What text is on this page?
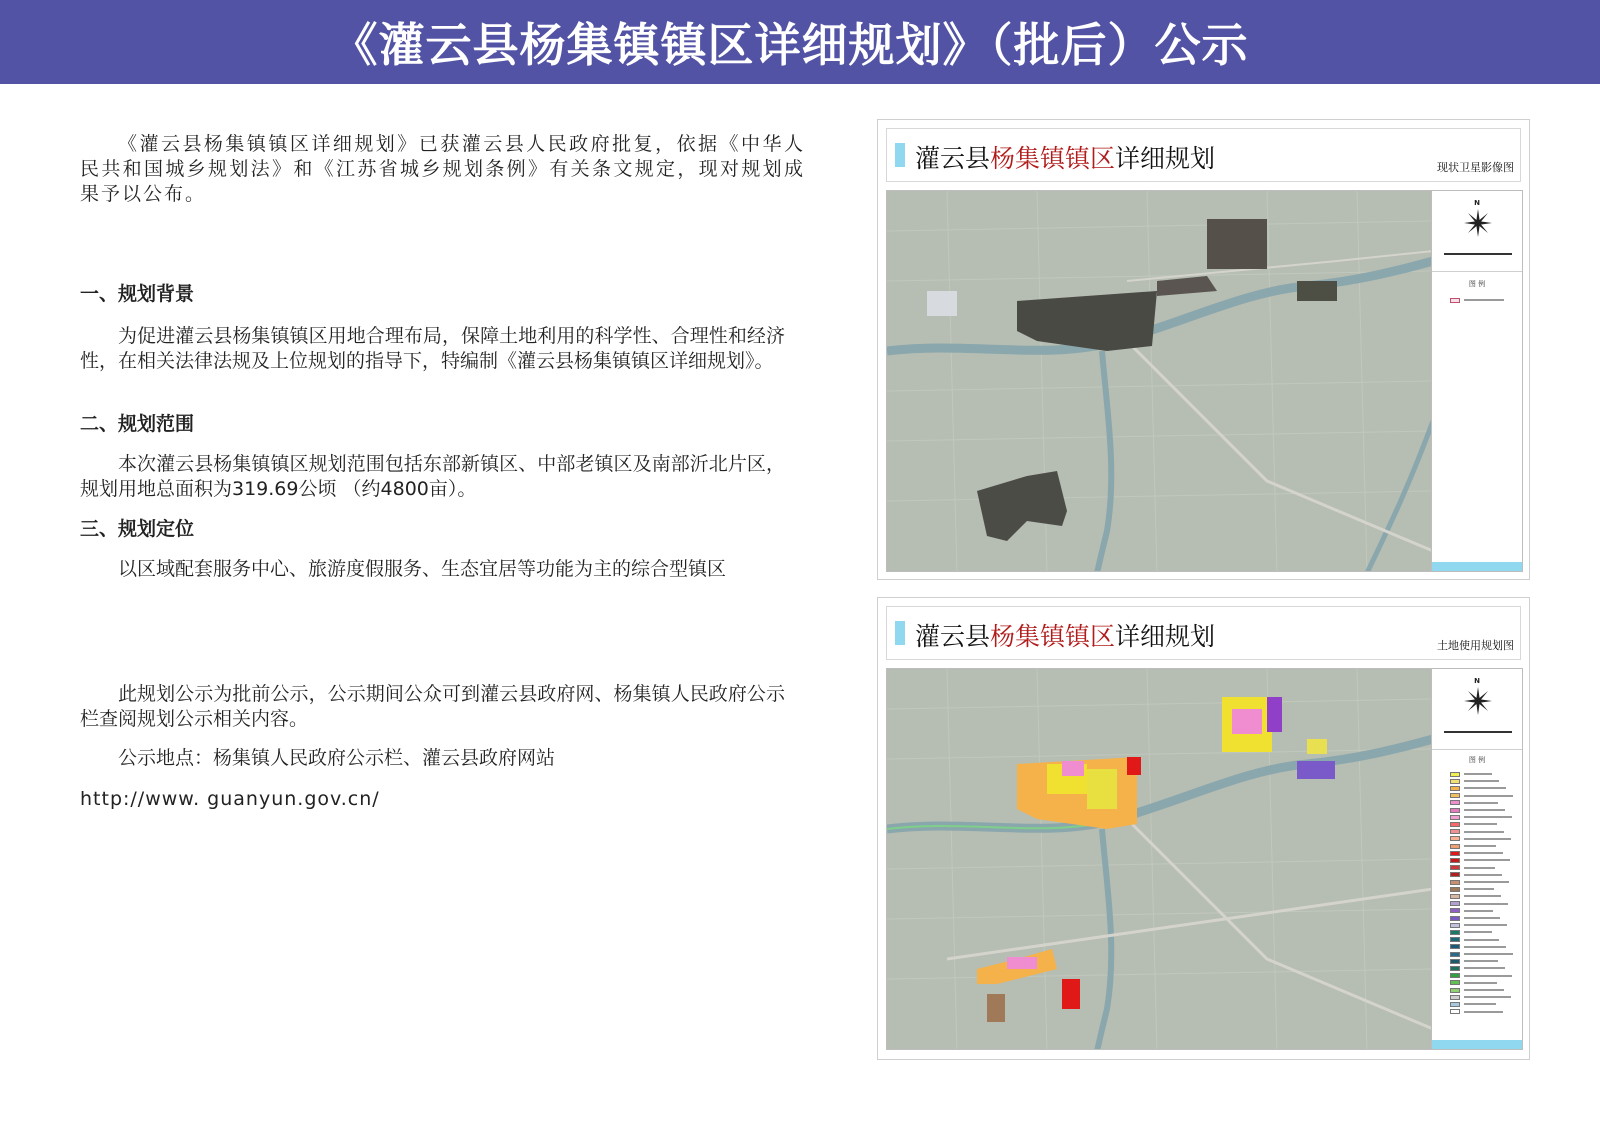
《灌云县杨集镇镇区详细规划》（批后）公示

《灌云县杨集镇镇区详细规划》已获灌云县人民政府批复，依据《中华人民共和国城乡规划法》和《江苏省城乡规划条例》有关条文规定，现对规划成果予以公布。

一、规划背景

为促进灌云县杨集镇镇区用地合理布局，保障土地利用的科学性、合理性和经济性，在相关法律法规及上位规划的指导下，特编制《灌云县杨集镇镇区详细规划》。

二、规划范围

本次灌云县杨集镇镇区规划范围包括东部新镇区、中部老镇区及南部沂北片区，规划用地总面积为319.69公顷 （约4800亩）。

三、规划定位

以区域配套服务中心、旅游度假服务、生态宜居等功能为主的综合型镇区

此规划公示为批前公示，公示期间公众可到灌云县政府网、杨集镇人民政府公示栏查阅规划公示相关内容。

公示地点：杨集镇人民政府公示栏、灌云县政府网站

http://www. guanyun.gov.cn/

灌云县杨集镇镇区详细规划	现状卫星影像图
N
图 例
灌云县杨集镇镇区详细规划	土地使用规划图
N
图 例
